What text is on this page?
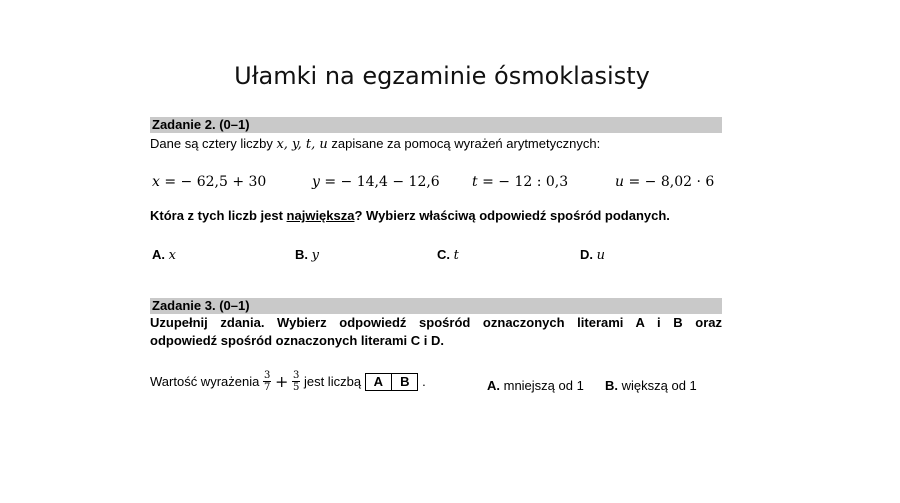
Ułamki na egzaminie ósmoklasisty
Zadanie 2. (0–1)
Dane są cztery liczby x, y, t, u zapisane za pomocą wyrażeń arytmetycznych:
x = − 62,5 + 30	y = − 14,4 − 12,6 t = − 12 : 0,3	u = − 8,02 · 6
Która z tych liczb jest największa? Wybierz właściwą odpowiedź spośród podanych.
A. x	B. y	C. t	D. u
Zadanie 3. (0–1)
Uzupełnij zdania. Wybierz odpowiedź spośród oznaczonych literami A i B oraz
odpowiedź spośród oznaczonych literami C i D.
Wartość wyrażenia $\frac{3}{7} + \frac{3}{5}$ jest liczbą A B .	A. mniejszą od 1 B. większą od 1
